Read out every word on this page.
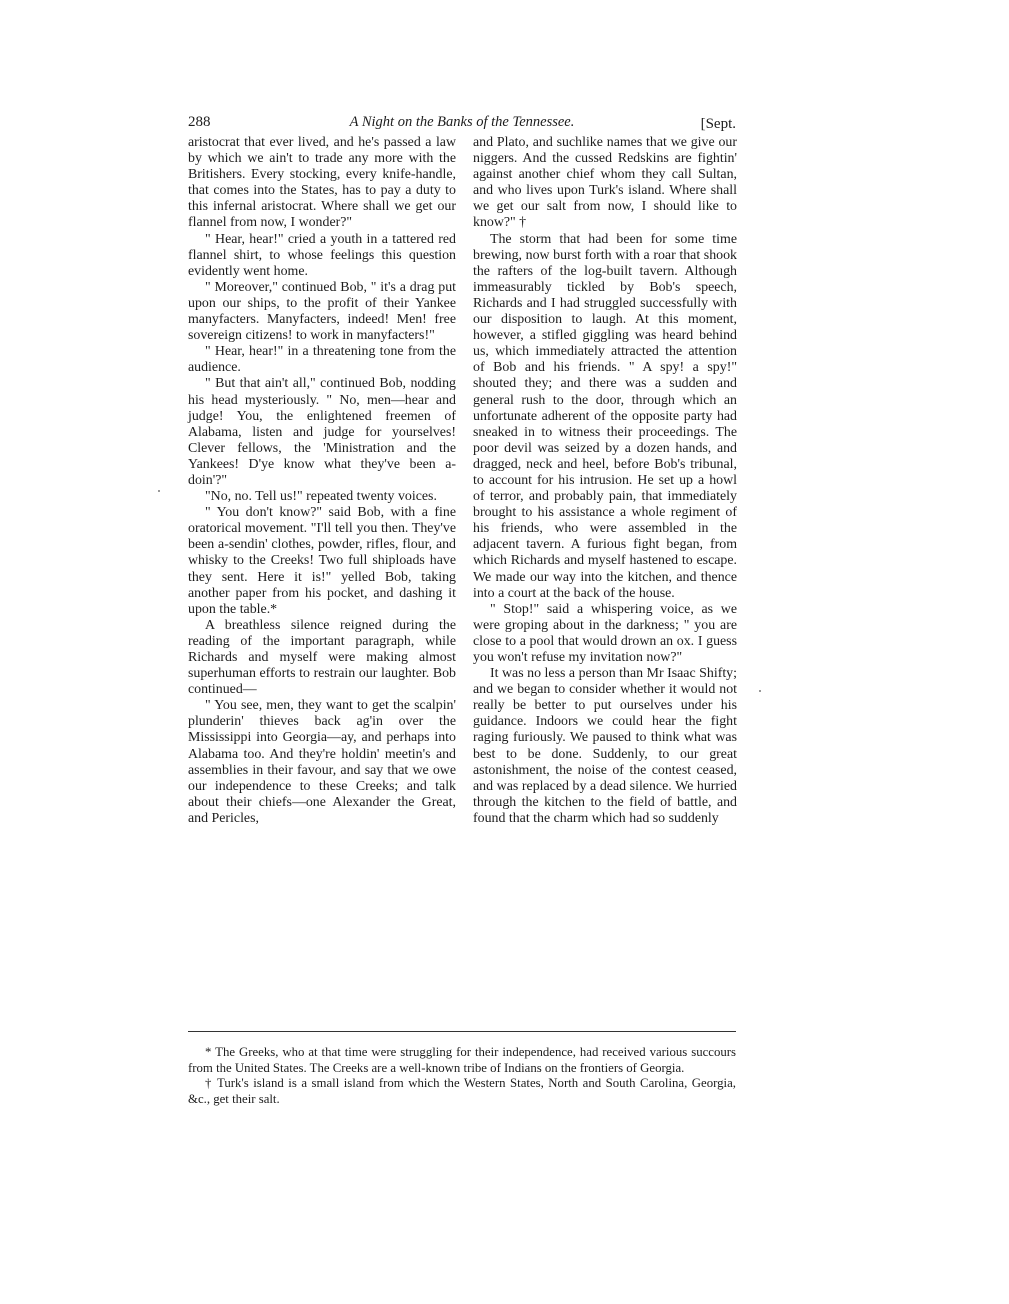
288	A Night on the Banks of the Tennessee.	[Sept.

aristocrat that ever lived, and he's passed a law by which we ain't to trade any more with the Britishers. Every stocking, every knife-handle, that comes into the States, has to pay a duty to this infernal aristocrat. Where shall we get our flannel from now, I wonder?"

" Hear, hear!" cried a youth in a tattered red flannel shirt, to whose feelings this question evidently went home.

" Moreover," continued Bob, " it's a drag put upon our ships, to the profit of their Yankee manyfacters. Manyfacters, indeed! Men! free sovereign citizens! to work in manyfacters!"

" Hear, hear!" in a threatening tone from the audience.

" But that ain't all," continued Bob, nodding his head mysteriously. " No, men—hear and judge! You, the enlightened freemen of Alabama, listen and judge for yourselves! Clever fellows, the 'Ministration and the Yankees! D'ye know what they've been a-doin'?"

"No, no. Tell us!" repeated twenty voices.

" You don't know?" said Bob, with a fine oratorical movement. "I'll tell you then. They've been a-sendin' clothes, powder, rifles, flour, and whisky to the Creeks! Two full shiploads have they sent. Here it is!" yelled Bob, taking another paper from his pocket, and dashing it upon the table.*

A breathless silence reigned during the reading of the important paragraph, while Richards and myself were making almost superhuman efforts to restrain our laughter. Bob continued—

" You see, men, they want to get the scalpin' plunderin' thieves back ag'in over the Mississippi into Georgia—ay, and perhaps into Alabama too. And they're holdin' meetin's and assemblies in their favour, and say that we owe our independence to these Creeks; and talk about their chiefs—one Alexander the Great, and Pericles,

and Plato, and suchlike names that we give our niggers. And the cussed Redskins are fightin' against another chief whom they call Sultan, and who lives upon Turk's island. Where shall we get our salt from now, I should like to know?" †

The storm that had been for some time brewing, now burst forth with a roar that shook the rafters of the log-built tavern. Although immeasurably tickled by Bob's speech, Richards and I had struggled successfully with our disposition to laugh. At this moment, however, a stifled giggling was heard behind us, which immediately attracted the attention of Bob and his friends. " A spy! a spy!" shouted they; and there was a sudden and general rush to the door, through which an unfortunate adherent of the opposite party had sneaked in to witness their proceedings. The poor devil was seized by a dozen hands, and dragged, neck and heel, before Bob's tribunal, to account for his intrusion. He set up a howl of terror, and probably pain, that immediately brought to his assistance a whole regiment of his friends, who were assembled in the adjacent tavern. A furious fight began, from which Richards and myself hastened to escape. We made our way into the kitchen, and thence into a court at the back of the house.

" Stop!" said a whispering voice, as we were groping about in the darkness; " you are close to a pool that would drown an ox. I guess you won't refuse my invitation now?"

It was no less a person than Mr Isaac Shifty; and we began to consider whether it would not really be better to put ourselves under his guidance. Indoors we could hear the fight raging furiously. We paused to think what was best to be done. Suddenly, to our great astonishment, the noise of the contest ceased, and was replaced by a dead silence. We hurried through the kitchen to the field of battle, and found that the charm which had so suddenly

* The Greeks, who at that time were struggling for their independence, had received various succours from the United States. The Creeks are a well-known tribe of Indians on the frontiers of Georgia.

† Turk's island is a small island from which the Western States, North and South Carolina, Georgia, &c., get their salt.
